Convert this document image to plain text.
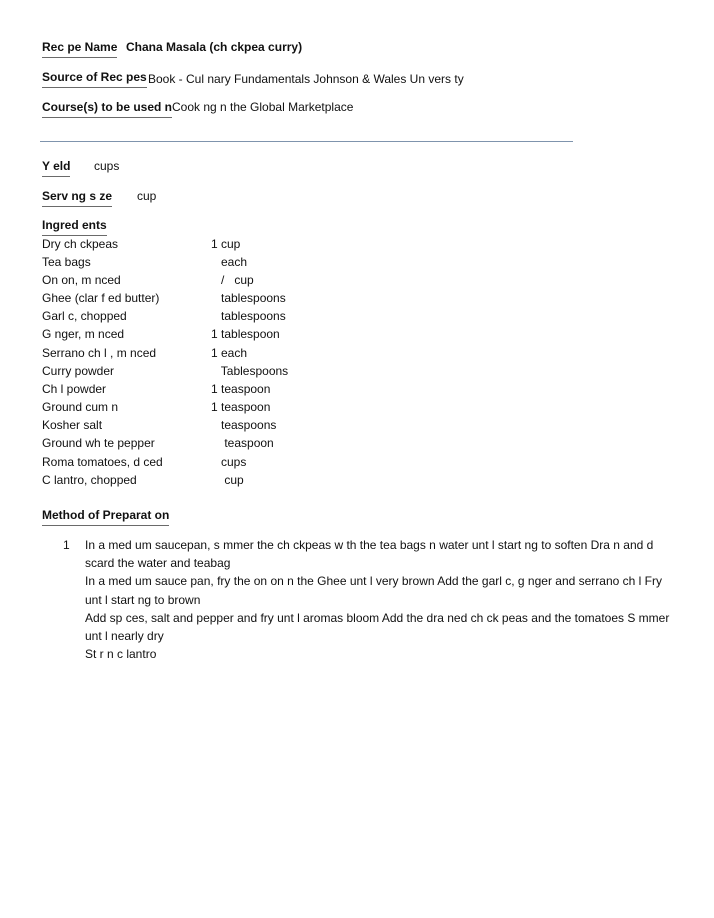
Rec pe Name Chana Masala (ch ckpea curry)
Source of Rec pes Book - Cul nary Fundamentals Johnson & Wales Un vers ty
Course(s) to be used n Cook ng n the Global Marketplace
Y eld cups
Serv ng s ze cup
Ingred ents
Dry ch ckpeas	1 cup
Tea bags	each
On on, m nced	/   cup
Ghee (clar f ed butter)	tablespoons
Garl c, chopped	tablespoons
G nger, m nced	1 tablespoon
Serrano ch l , m nced	1 each
Curry powder	Tablespoons
Ch l powder	1 teaspoon
Ground cum n	1 teaspoon
Kosher salt	teaspoons
Ground wh te pepper	teaspoon
Roma tomatoes, d ced	cups
C lantro, chopped	cup
Method of Preparat on
1 In a med um saucepan, s mmer the ch ckpeas w th the tea bags n water unt l start ng to soften Dra n and d scard the water and teabag

In a med um sauce pan, fry the on on n the Ghee unt l very brown Add the garl c, g nger and serrano ch l Fry unt l start ng to brown

Add sp ces, salt and pepper and fry unt l aromas bloom Add the dra ned ch ck peas and the tomatoes S mmer unt l nearly dry

St r n c lantro
